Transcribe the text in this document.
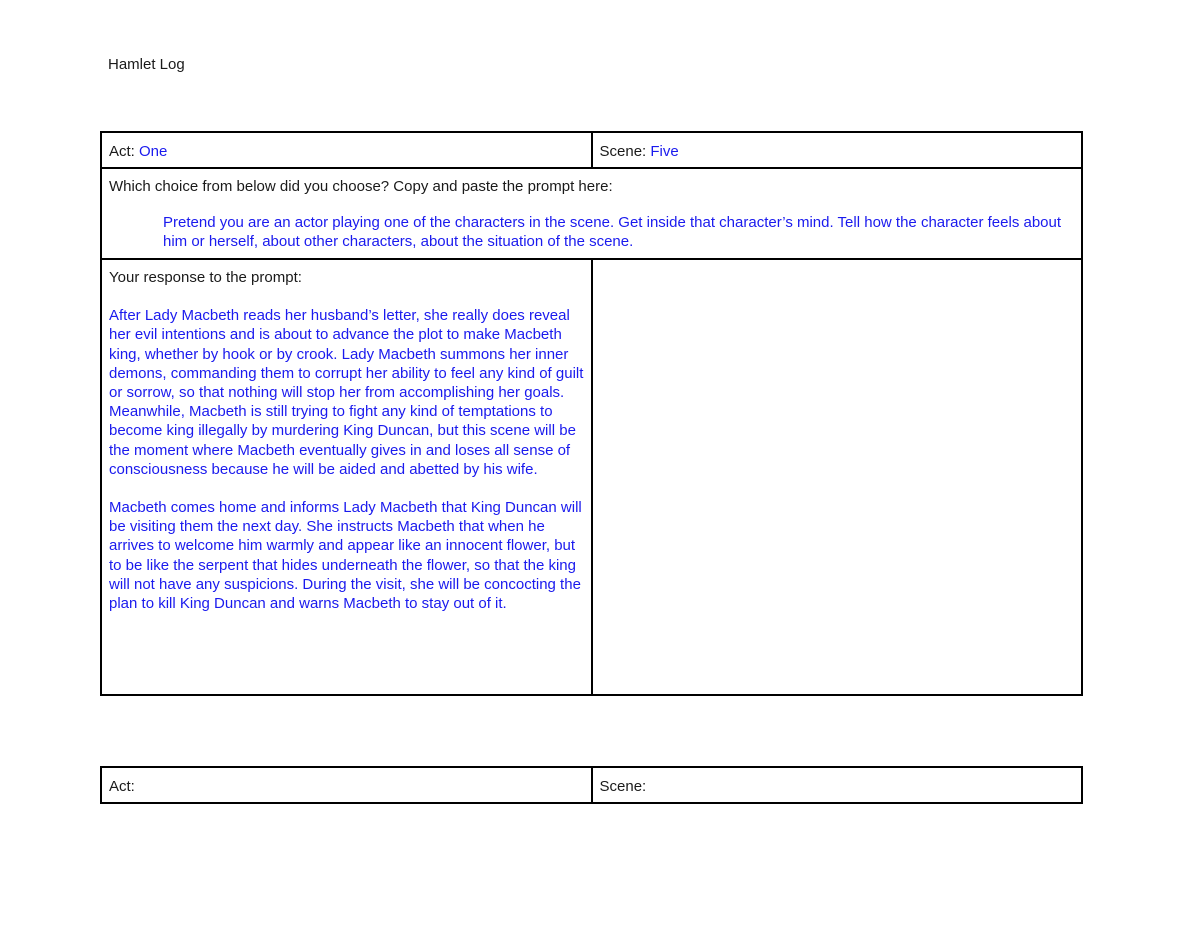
Hamlet Log
Act: One	Scene: Five

Which choice from below did you choose? Copy and paste the prompt here:
Pretend you are an actor playing one of the characters in the scene. Get inside that character’s mind. Tell how the character feels about him or herself, about other characters, about the situation of the scene.	

Your response to the prompt:
After Lady Macbeth reads her husband’s letter, she really does reveal her evil intentions and is about to advance the plot to make Macbeth king, whether by hook or by crook. Lady Macbeth summons her inner demons, commanding them to corrupt her ability to feel any kind of guilt or sorrow, so that nothing will stop her from accomplishing her goals. Meanwhile, Macbeth is still trying to fight any kind of temptations to become king illegally by murdering King Duncan, but this scene will be the moment where Macbeth eventually gives in and loses all sense of consciousness because he will be aided and abetted by his wife.
Macbeth comes home and informs Lady Macbeth that King Duncan will be visiting them the next day. She instructs Macbeth that when he arrives to welcome him warmly and appear like an innocent flower, but to be like the serpent that hides underneath the flower, so that the king will not have any suspicions. During the visit, she will be concocting the plan to kill King Duncan and warns Macbeth to stay out of it.	

Act:	Scene:
